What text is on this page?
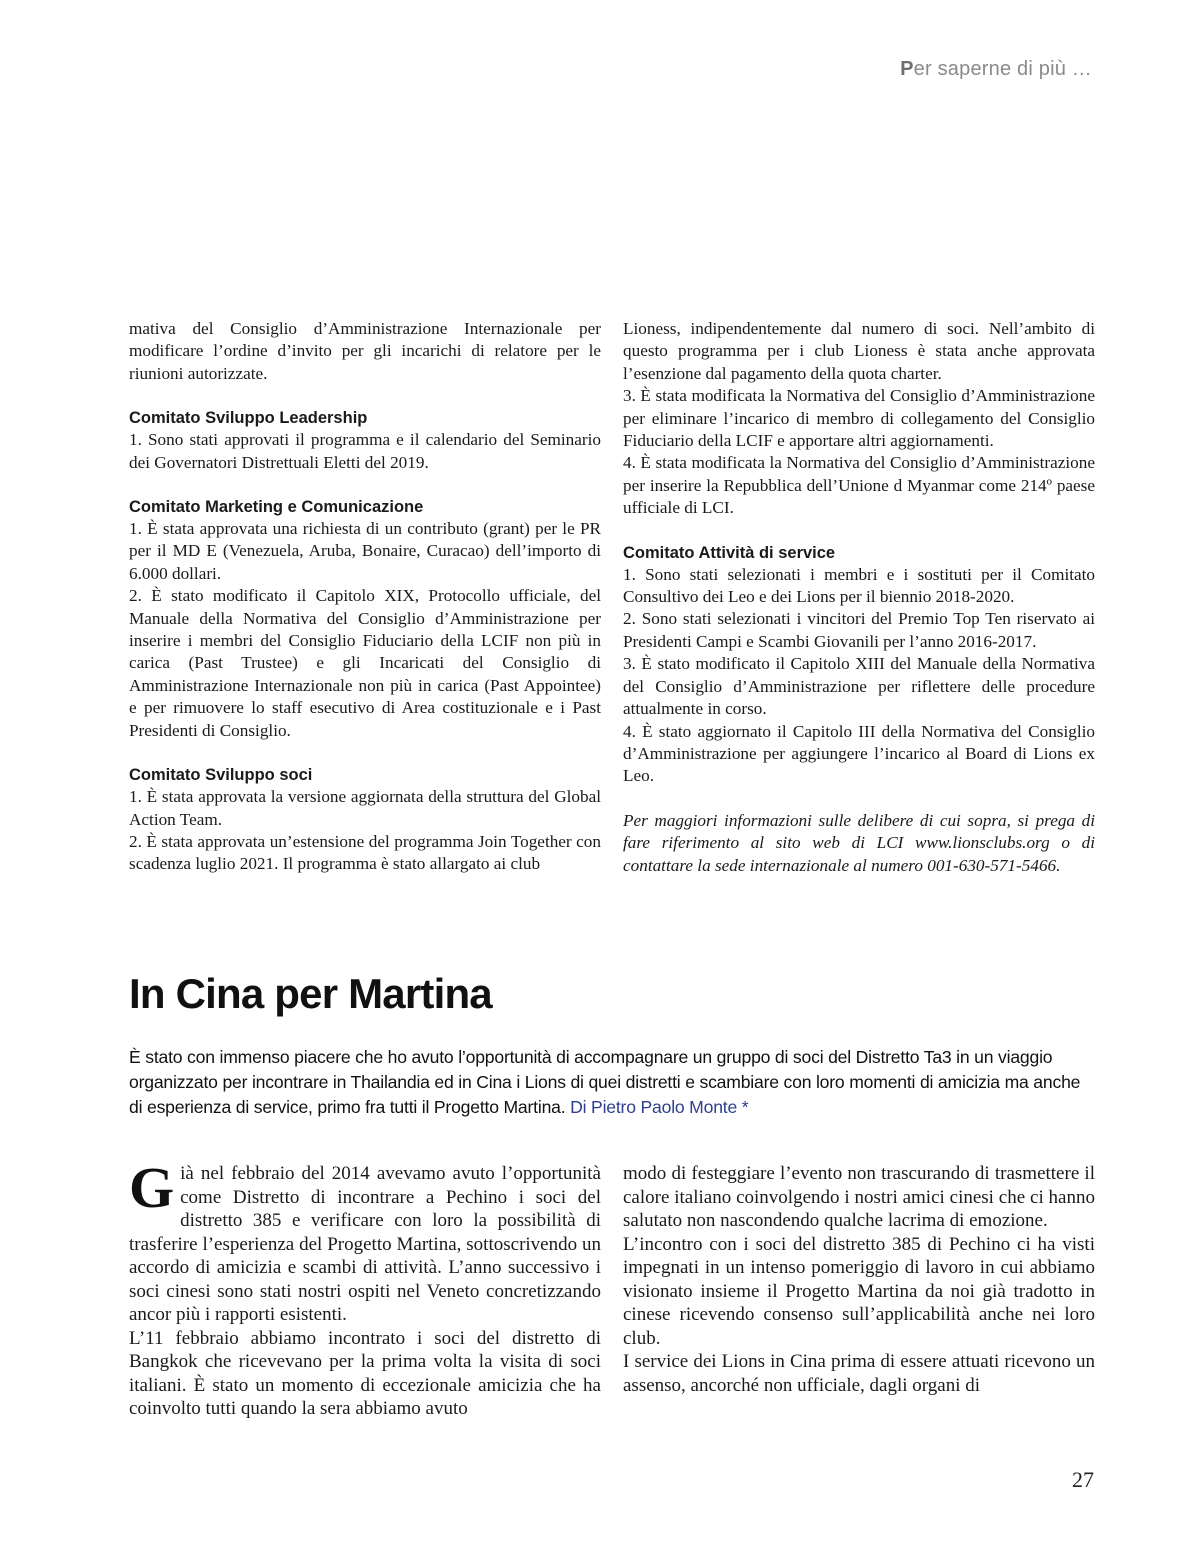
Per saperne di più …

mativa del Consiglio d’Amministrazione Internazionale per modificare l’ordine d’invito per gli incarichi di relatore per le riunioni autorizzate.

Comitato Sviluppo Leadership

1. Sono stati approvati il programma e il calendario del Seminario dei Governatori Distrettuali Eletti del 2019.

Comitato Marketing e Comunicazione

1. È stata approvata una richiesta di un contributo (grant) per le PR per il MD E (Venezuela, Aruba, Bonaire, Curacao) dell’importo di 6.000 dollari.

2. È stato modificato il Capitolo XIX, Protocollo ufficiale, del Manuale della Normativa del Consiglio d’Amministrazione per inserire i membri del Consiglio Fiduciario della LCIF non più in carica (Past Trustee) e gli Incaricati del Consiglio di Amministrazione Internazionale non più in carica (Past Appointee) e per rimuovere lo staff esecutivo di Area costituzionale e i Past Presidenti di Consiglio.

Comitato Sviluppo soci

1. È stata approvata la versione aggiornata della struttura del Global Action Team.

2. È stata approvata un’estensione del programma Join Together con scadenza luglio 2021. Il programma è stato allargato ai club

Lioness, indipendentemente dal numero di soci. Nell’ambito di questo programma per i club Lioness è stata anche approvata l’esenzione dal pagamento della quota charter.

3. È stata modificata la Normativa del Consiglio d’Amministrazione per eliminare l’incarico di membro di collegamento del Consiglio Fiduciario della LCIF e apportare altri aggiornamenti.

4. È stata modificata la Normativa del Consiglio d’Amministrazione per inserire la Repubblica dell’Unione d Myanmar come 214º paese ufficiale di LCI.

Comitato Attività di service

1. Sono stati selezionati i membri e i sostituti per il Comitato Consultivo dei Leo e dei Lions per il biennio 2018-2020.

2. Sono stati selezionati i vincitori del Premio Top Ten riservato ai Presidenti Campi e Scambi Giovanili per l’anno 2016-2017.

3. È stato modificato il Capitolo XIII del Manuale della Normativa del Consiglio d’Amministrazione per riflettere delle procedure attualmente in corso.

4. È stato aggiornato il Capitolo III della Normativa del Consiglio d’Amministrazione per aggiungere l’incarico al Board di Lions ex Leo.

Per maggiori informazioni sulle delibere di cui sopra, si prega di fare riferimento al sito web di LCI www.lionsclubs.org o di contattare la sede internazionale al numero 001-630-571-5466.

In Cina per Martina

È stato con immenso piacere che ho avuto l’opportunità di accompagnare un gruppo di soci del Distretto Ta3 in un viaggio organizzato per incontrare in Thailandia ed in Cina i Lions di quei distretti e scambiare con loro momenti di amicizia ma anche di esperienza di service, primo fra tutti il Progetto Martina. Di Pietro Paolo Monte *

Già nel febbraio del 2014 avevamo avuto l’opportunità come Distretto di incontrare a Pechino i soci del distretto 385 e verificare con loro la possibilità di trasferire l’esperienza del Progetto Martina, sottoscrivendo un accordo di amicizia e scambi di attività. L’anno successivo i soci cinesi sono stati nostri ospiti nel Veneto concretizzando ancor più i rapporti esistenti.

L’11 febbraio abbiamo incontrato i soci del distretto di Bangkok che ricevevano per la prima volta la visita di soci italiani. È stato un momento di eccezionale amicizia che ha coinvolto tutti quando la sera abbiamo avuto

modo di festeggiare l’evento non trascurando di trasmettere il calore italiano coinvolgendo i nostri amici cinesi che ci hanno salutato non nascondendo qualche lacrima di emozione.

L’incontro con i soci del distretto 385 di Pechino ci ha visti impegnati in un intenso pomeriggio di lavoro in cui abbiamo visionato insieme il Progetto Martina da noi già tradotto in cinese ricevendo consenso sull’applicabilità anche nei loro club.

I service dei Lions in Cina prima di essere attuati ricevono un assenso, ancorché non ufficiale, dagli organi di

27
